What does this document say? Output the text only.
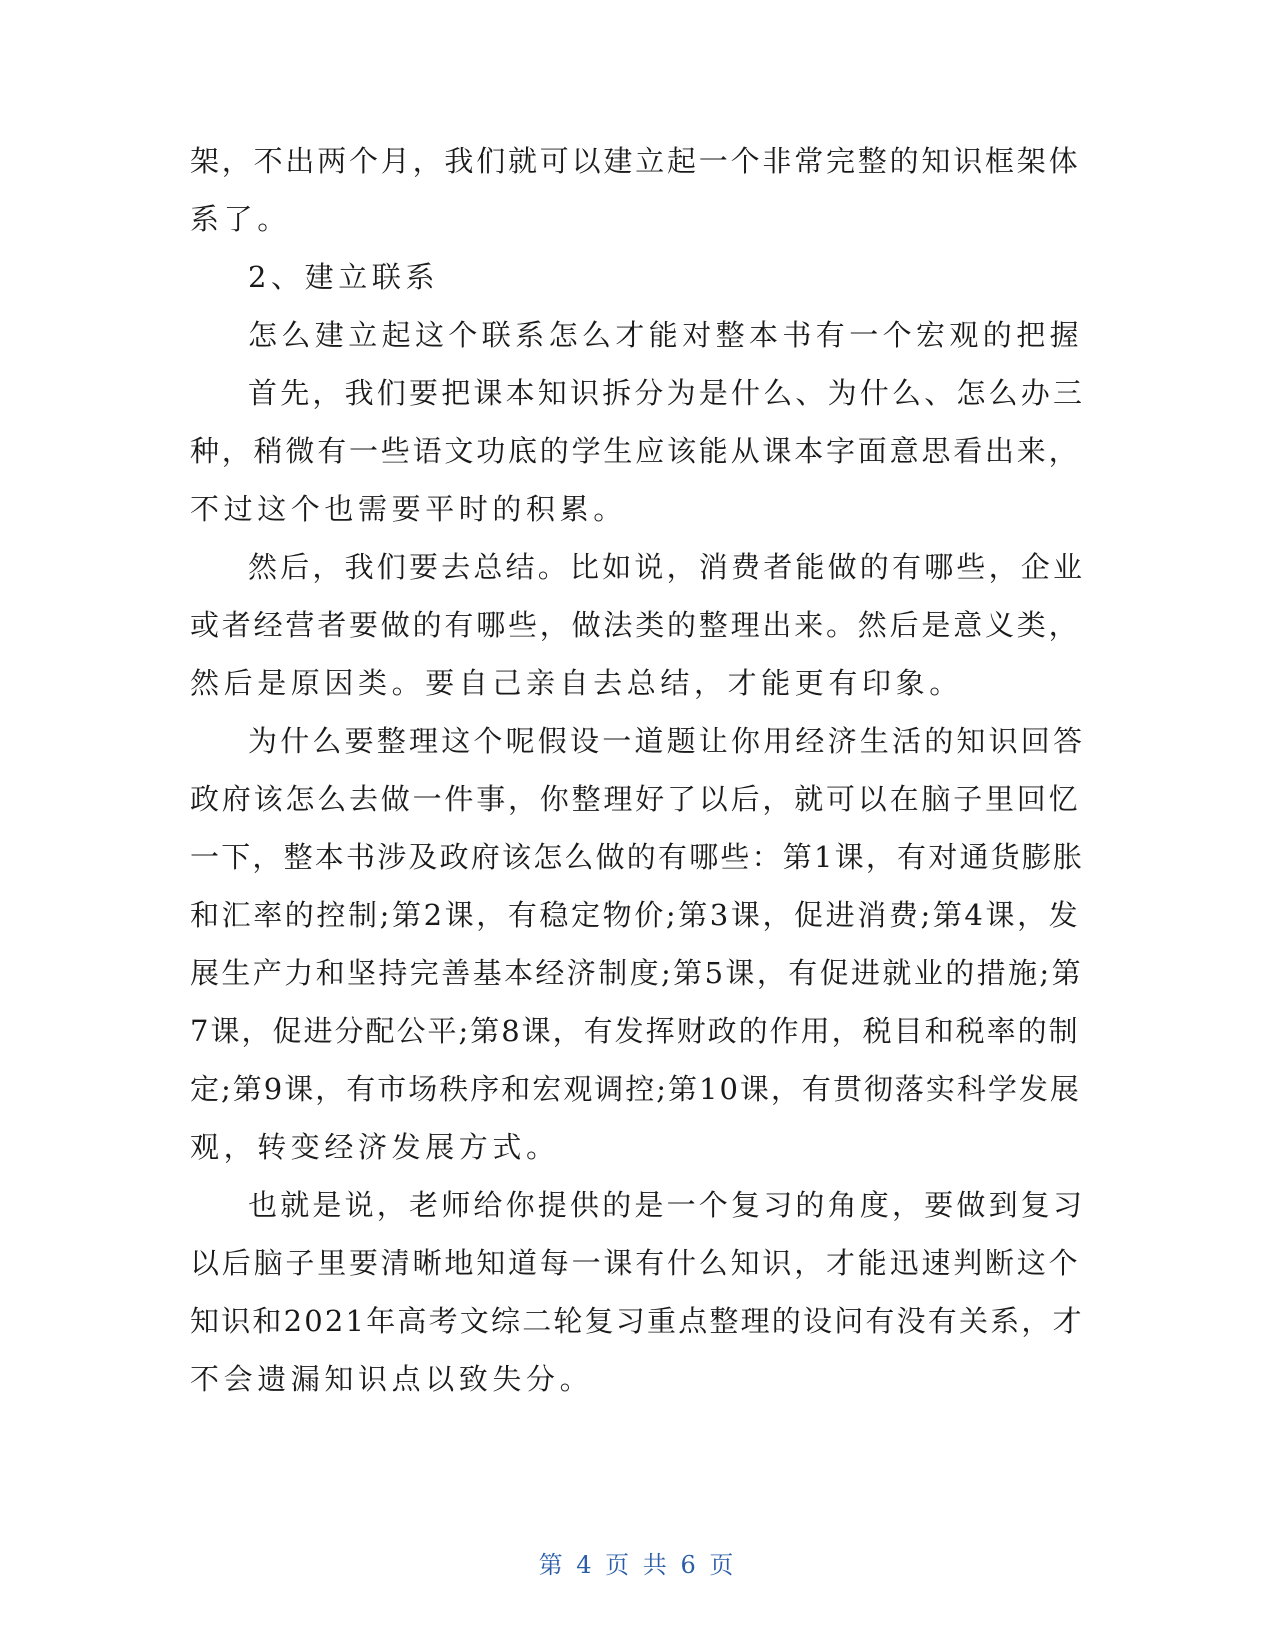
架，不出两个月，我们就可以建立起一个非常完整的知识框架体
系了。
2、建立联系
怎么建立起这个联系怎么才能对整本书有一个宏观的把握
首先，我们要把课本知识拆分为是什么、为什么、怎么办三
种，稍微有一些语文功底的学生应该能从课本字面意思看出来，
不过这个也需要平时的积累。
然后，我们要去总结。比如说，消费者能做的有哪些，企业
或者经营者要做的有哪些，做法类的整理出来。然后是意义类，
然后是原因类。要自己亲自去总结，才能更有印象。
为什么要整理这个呢假设一道题让你用经济生活的知识回答
政府该怎么去做一件事，你整理好了以后，就可以在脑子里回忆
一下，整本书涉及政府该怎么做的有哪些：第1课，有对通货膨胀
和汇率的控制;第2课，有稳定物价;第3课，促进消费;第4课，发
展生产力和坚持完善基本经济制度;第5课，有促进就业的措施;第
7课，促进分配公平;第8课，有发挥财政的作用，税目和税率的制
定;第9课，有市场秩序和宏观调控;第10课，有贯彻落实科学发展
观，转变经济发展方式。
也就是说，老师给你提供的是一个复习的角度，要做到复习
以后脑子里要清晰地知道每一课有什么知识，才能迅速判断这个
知识和2021年高考文综二轮复习重点整理的设问有没有关系，才
不会遗漏知识点以致失分。
第 4 页 共 6 页
